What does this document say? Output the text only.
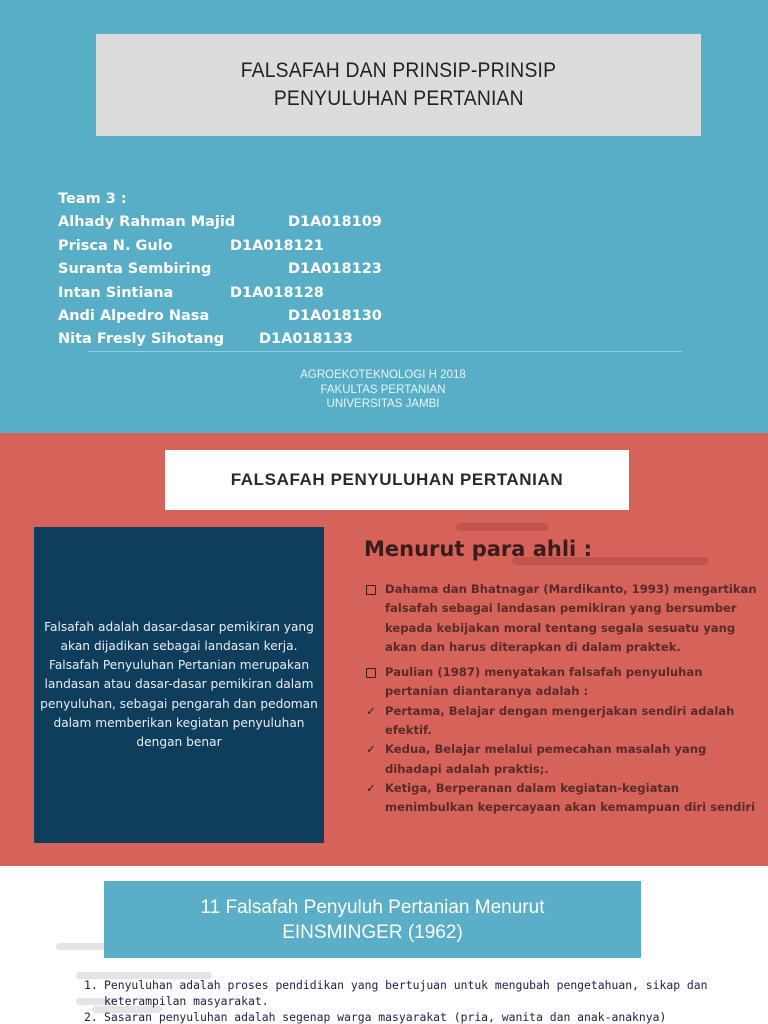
FALSAFAH DAN PRINSIP-PRINSIP
PENYULUHAN PERTANIAN
Team 3 :
Alhady Rahman Majid	D1A018109
Prisca N. Gulo	D1A018121
Suranta Sembiring	D1A018123
Intan Sintiana	D1A018128
Andi Alpedro Nasa	D1A018130
Nita Fresly Sihotang D1A018133
AGROEKOTEKNOLOGI H 2018
FAKULTAS PERTANIAN
UNIVERSITAS JAMBI
FALSAFAH PENYULUHAN PERTANIAN

Falsafah adalah dasar-dasar pemikiran yang akan dijadikan sebagai landasan kerja.
Falsafah Penyuluhan Pertanian merupakan landasan atau dasar-dasar pemikiran dalam penyuluhan, sebagai pengarah dan pedoman dalam memberikan kegiatan penyuluhan dengan benar

Menurut para ahli :
Dahama dan Bhatnagar (Mardikanto, 1993) mengartikan falsafah sebagai landasan pemikiran yang bersumber kepada kebijakan moral tentang segala sesuatu yang akan dan harus diterapkan di dalam praktek.
Paulian (1987) menyatakan falsafah penyuluhan pertanian diantaranya adalah :
✓ Pertama, Belajar dengan mengerjakan sendiri adalah efektif.
✓ Kedua, Belajar melalui pemecahan masalah yang dihadapi adalah praktis;.
✓ Ketiga, Berperanan dalam kegiatan-kegiatan menimbulkan kepercayaan akan kemampuan diri sendiri
11 Falsafah Penyuluh Pertanian Menurut
EINSMINGER (1962)
1. Penyuluhan adalah proses pendidikan yang bertujuan untuk mengubah pengetahuan, sikap dan keterampilan masyarakat.
2. Sasaran penyuluhan adalah segenap warga masyarakat (pria, wanita dan anak-anaknya)
